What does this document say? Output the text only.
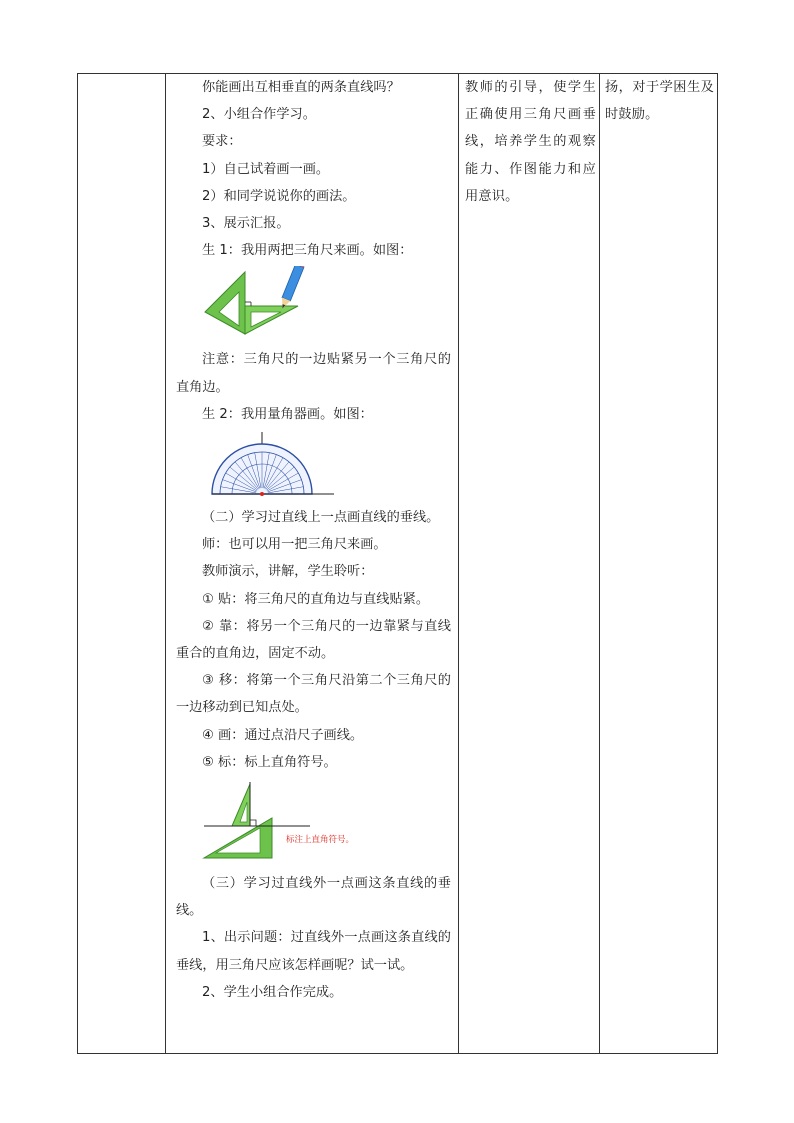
你能画出互相垂直的两条直线吗？

2、小组合作学习。

要求：

1）自己试着画一画。

2）和同学说说你的画法。

3、展示汇报。

生 1：我用两把三角尺来画。如图：

注意：三角尺的一边贴紧另一个三角尺的直角边。

生 2：我用量角器画。如图：

（二）学习过直线上一点画直线的垂线。

师：也可以用一把三角尺来画。

教师演示，讲解，学生聆听：

① 贴：将三角尺的直角边与直线贴紧。

② 靠：将另一个三角尺的一边靠紧与直线重合的直角边，固定不动。

③ 移：将第一个三角尺沿第二个三角尺的一边移动到已知点处。

④ 画：通过点沿尺子画线。

⑤ 标：标上直角符号。

标注上直角符号。

（三）学习过直线外一点画这条直线的垂线。

1、出示问题：过直线外一点画这条直线的垂线，用三角尺应该怎样画呢？试一试。

2、学生小组合作完成。

教师的引导，使学生正确使用三角尺画垂线，培养学生的观察能力、作图能力和应用意识。

扬，对于学困生及时鼓励。
